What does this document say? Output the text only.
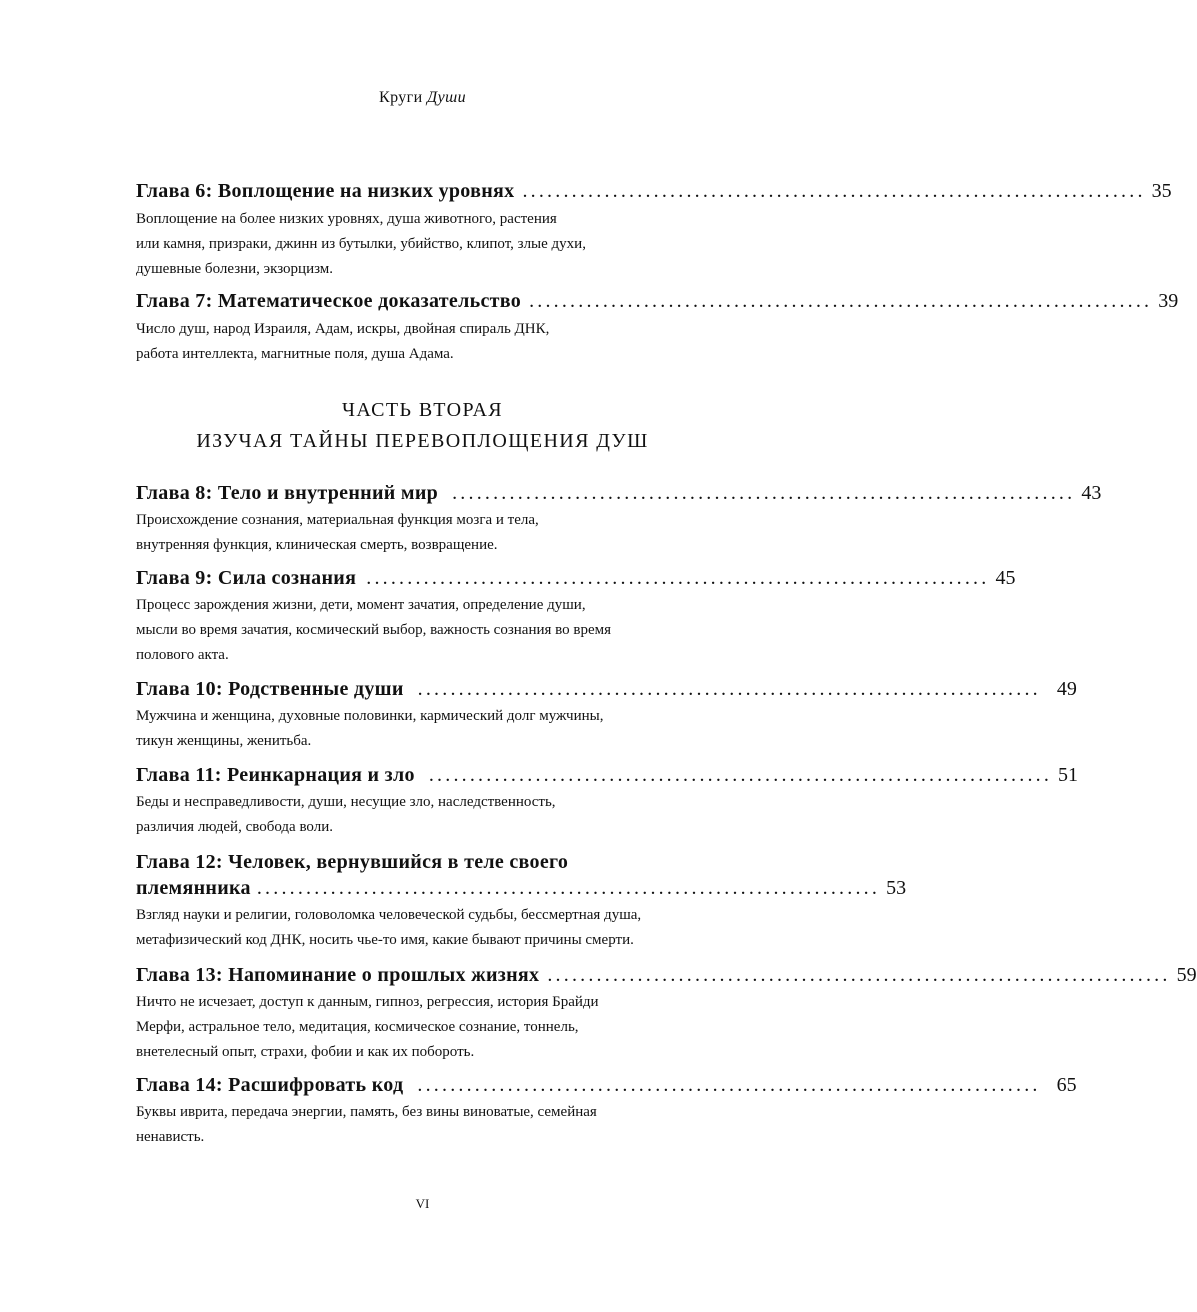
Круги Души
Глава 6: Воплощение на низких уровнях ............................................................................ 35
Воплощение на более низких уровнях, душа животного, растения
или камня, призраки, джинн из бутылки, убийство, клипот, злые духи,
душевные болезни, экзорцизм.
Глава 7: Математическое доказательство ............................................................................ 39
Число душ, народ Израиля, Адам, искры, двойная спираль ДНК,
работа интеллекта, магнитные поля, душа Адама.
ЧАСТЬ ВТОРАЯ
ИЗУЧАЯ ТАЙНЫ ПЕРЕВОПЛОЩЕНИЯ ДУШ
Глава 8: Тело и внутренний мир ............................................................................ 43
Происхождение сознания, материальная функция мозга и тела,
внутренняя функция, клиническая смерть, возвращение.
Глава 9: Сила сознания ............................................................................ 45
Процесс зарождения жизни, дети, момент зачатия, определение души,
мысли во время зачатия, космический выбор, важность сознания во время
полового акта.
Глава 10: Родственные души ............................................................................ 49
Мужчина и женщина, духовные половинки, кармический долг мужчины,
тикун женщины, женитьба.
Глава 11: Реинкарнация и зло ............................................................................ 51
Беды и несправедливости, души, несущие зло, наследственность,
различия людей, свобода воли.
Глава 12: Человек, вернувшийся в теле своего
племянника ............................................................................ 53
Взгляд науки и религии, головоломка человеческой судьбы, бессмертная душа,
метафизический код ДНК, носить чье-то имя, какие бывают причины смерти.
Глава 13: Напоминание о прошлых жизнях ............................................................................ 59
Ничто не исчезает, доступ к данным, гипноз, регрессия, история Брайди
Мерфи, астральное тело, медитация, космическое сознание, тоннель,
внетелесный опыт, страхи, фобии и как их побороть.
Глава 14: Расшифровать код ............................................................................ 65
Буквы иврита, передача энергии, память, без вины виноватые, семейная
ненависть.
VI
